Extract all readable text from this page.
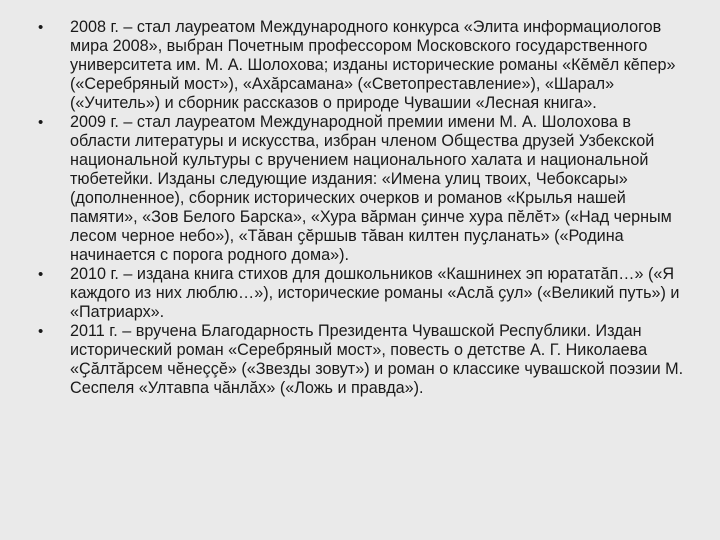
•	2008 г. – стал лауреатом Международного конкурса «Элита информациологов мира 2008», выбран Почетным профессором Московского государственного университета им. М. А. Шолохова; изданы исторические романы «Кĕмĕл кĕпер» («Серебряный мост»), «Ахăрсамана» («Светопреставление»), «Шарал» («Учитель») и сборник рассказов о природе Чувашии «Лесная книга».
•	2009 г. – стал лауреатом Международной премии имени М. А. Шолохова в области литературы и искусства, избран членом Общества друзей Узбекской национальной культуры с вручением национального халата и национальной тюбетейки. Изданы следующие издания: «Имена улиц твоих, Чебоксары» (дополненное), сборник исторических очерков и романов «Крылья нашей памяти», «Зов Белого Барска», «Хура вăрман ҫинче хура пĕлĕт» («Над черным лесом черное небо»), «Тăван ҫĕршыв тăван килтен пуҫланать» («Родина начинается с порога родного дома»).
•	2010 г. – издана книга стихов для дошкольников «Кашнинех эп юрататăп…» («Я каждого из них люблю…»), исторические романы «Аслă ҫул» («Великий путь») и «Патриарх».
•	2011 г. – вручена Благодарность Президента Чувашской Республики. Издан исторический роман «Серебряный мост», повесть о детстве А. Г. Николаева «Ҫăлтăрсем чĕнеççĕ» («Звезды зовут») и роман о классике чувашской поэзии М. Сеспеля «Ултавпа чăнлăх» («Ложь и правда»).
